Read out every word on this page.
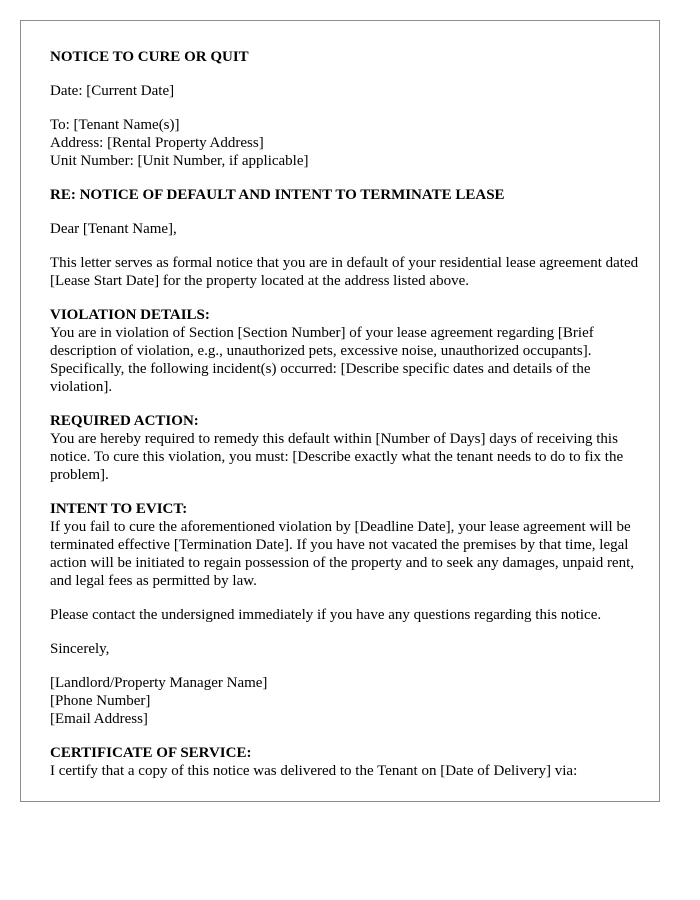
NOTICE TO CURE OR QUIT

Date: [Current Date]

To: [Tenant Name(s)]
Address: [Rental Property Address]
Unit Number: [Unit Number, if applicable]

RE: NOTICE OF DEFAULT AND INTENT TO TERMINATE LEASE

Dear [Tenant Name],

This letter serves as formal notice that you are in default of your residential lease agreement dated [Lease Start Date] for the property located at the address listed above.

VIOLATION DETAILS:
You are in violation of Section [Section Number] of your lease agreement regarding [Brief description of violation, e.g., unauthorized pets, excessive noise, unauthorized occupants]. Specifically, the following incident(s) occurred: [Describe specific dates and details of the violation].

REQUIRED ACTION:
You are hereby required to remedy this default within [Number of Days] days of receiving this notice. To cure this violation, you must: [Describe exactly what the tenant needs to do to fix the problem].

INTENT TO EVICT:
If you fail to cure the aforementioned violation by [Deadline Date], your lease agreement will be terminated effective [Termination Date]. If you have not vacated the premises by that time, legal action will be initiated to regain possession of the property and to seek any damages, unpaid rent, and legal fees as permitted by law.

Please contact the undersigned immediately if you have any questions regarding this notice.

Sincerely,

[Landlord/Property Manager Name]
[Phone Number]
[Email Address]

CERTIFICATE OF SERVICE:
I certify that a copy of this notice was delivered to the Tenant on [Date of Delivery] via:
